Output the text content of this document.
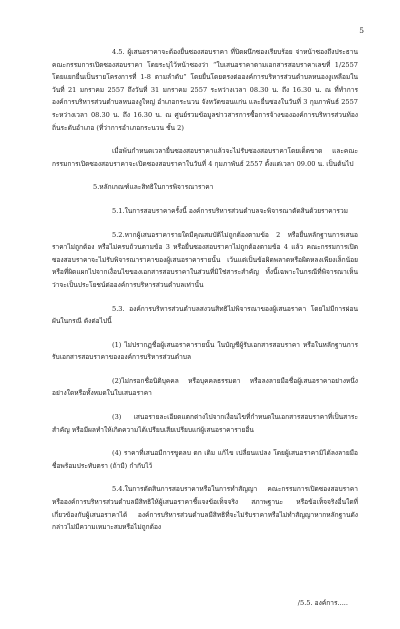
5

4.5. ผู้เสนอราคาจะต้องยื่นซองสอบราคา ที่ปิดผนึกซองเรียบร้อย จ่าหน้าซองถึงประธานคณะกรรมการเปิดซองสอบราคา โดยระบุไว้หน้าซองว่า “ใบเสนอราคาตามเอกสารสอบราคาเลขที่ 1/2557 โดยแยกยื่นเป็นรายโครงการที่ 1-8 ตามลำดับ” โดยยื่นโดยตรงต่อองค์การบริหารส่วนตำบลหนองงูเหลือมในวันที่ 21 มกราคม 2557 ถึงวันที่ 31 มกราคม 2557 ระหว่างเวลา 08.30 น. ถึง 16.30 น. ณ ที่ทำการองค์การบริหารส่วนตำบลหนองงูใหญ่ อำเภอกระนวน จังหวัดขอนแก่น และยื่นซองในวันที่ 3 กุมภาพันธ์ 2557 ระหว่างเวลา 08.30 น. ถึง 16.30 น. ณ ศูนย์รวมข้อมูลข่าวสารการซื้อการจ้างขององค์การบริหารส่วนท้องถิ่นระดับอำเภอ (ที่ว่าการอำเภอกระนวน ชั้น 2)

เมื่อพ้นกำหนดเวลายื่นซองสอบราคาแล้วจะไม่รับซองสอบราคาโดยเด็ดขาด และคณะกรรมการเปิดซองสอบราคาจะเปิดซองสอบราคาในวันที่ 4 กุมภาพันธ์ 2557 ตั้งแต่เวลา 09.00 น. เป็นต้นไป

5.หลักเกณฑ์และสิทธิในการพิจารณาราคา

5.1.ในการสอบราคาครั้งนี้ องค์การบริหารส่วนตำบลจะพิจารณาตัดสินด้วยราคารวม

5.2.หากผู้เสนอราคารายใดมีคุณสมบัติไม่ถูกต้องตามข้อ 2 หรือยื่นหลักฐานการเสนอราคาไม่ถูกต้อง หรือไม่ครบถ้วนตามข้อ 3 หรือยื่นซองสอบราคาไม่ถูกต้องตามข้อ 4 แล้ว คณะกรรมการเปิดซองสอบราคาจะไม่รับพิจารณาราคาของผู้เสนอราคารายนั้น เว้นแต่เป็นข้อผิดพลาดหรือผิดหลงเพียงเล็กน้อย หรือที่ผิดแผกไปจากเงื่อนไขของเอกสารสอบราคาในส่วนที่มิใช่สาระสำคัญ ทั้งนี้เฉพาะในกรณีที่พิจารณาเห็นว่าจะเป็นประโยชน์ต่อองค์การบริหารส่วนตำบลเท่านั้น

5.3. องค์การบริหารส่วนตำบลสงวนสิทธิไม่พิจารณาของผู้เสนอราคา โดยไม่มีการผ่อนผันในกรณี ดังต่อไปนี้

(1) ไม่ปรากฏชื่อผู้เสนอราคารายนั้น ในบัญชีผู้รับเอกสารสอบราคา หรือในหลักฐานการรับเอกสารสอบราคาขององค์การบริหารส่วนตำบล

(2)ไม่กรอกชื่อนิติบุคคล หรือบุคคลธรรมดา หรือลงลายมือชื่อผู้เสนอราคาอย่างหนึ่งอย่างใดหรือทั้งหมดในใบเสนอราคา

(3) เสนอรายละเอียดแตกต่างไปจากเงื่อนไขที่กำหนดในเอกสารสอบราคาที่เป็นสาระสำคัญ หรือมีผลทำให้เกิดความได้เปรียบเสียเปรียบแก่ผู้เสนอราคารายอื่น

(4) ราคาที่เสนอมีการขูดลบ ตก เติม แก้ไข เปลี่ยนแปลง โดยผู้เสนอราคามิได้ลงลายมือชื่อพร้อมประทับตรา (ถ้ามี) กำกับไว้

5.4.ในการตัดสินการสอบราคาหรือในการทำสัญญา คณะกรรมการเปิดซองสอบราคาหรือองค์การบริหารส่วนตำบลมีสิทธิให้ผู้เสนอราคาชี้แจงข้อเท็จจริง สภาพฐานะ หรือข้อเท็จจริงอื่นใดที่เกี่ยวข้องกับผู้เสนอราคาได้ องค์การบริหารส่วนตำบลมีสิทธิที่จะไม่รับราคาหรือไม่ทำสัญญาหากหลักฐานดังกล่าวไม่มีความเหมาะสมหรือไม่ถูกต้อง

/5.5. องค์การ.....
